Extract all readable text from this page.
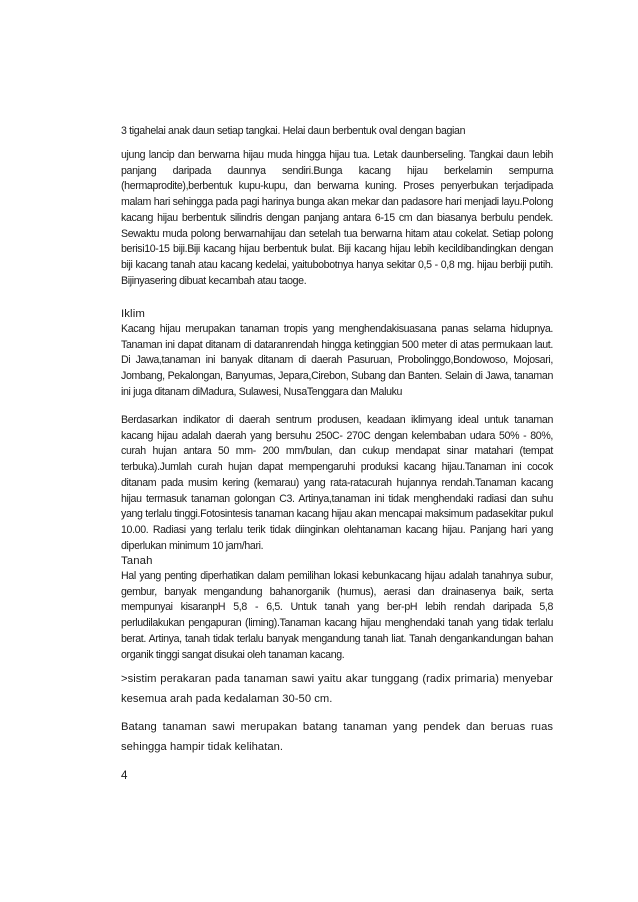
3 tigahelai anak daun setiap tangkai. Helai daun berbentuk oval dengan bagian

ujung lancip dan berwarna hijau muda hingga hijau tua. Letak daunberseling. Tangkai daun lebih panjang daripada daunnya sendiri.Bunga kacang hijau berkelamin sempurna (hermaprodite),berbentuk kupu-kupu, dan berwarna kuning. Proses penyerbukan terjadipada malam hari sehingga pada pagi harinya bunga akan mekar dan padasore hari menjadi layu.Polong kacang hijau berbentuk silindris dengan panjang antara 6-15 cm dan biasanya berbulu pendek. Sewaktu muda polong berwarnahijau dan setelah tua berwarna hitam atau cokelat. Setiap polong berisi10-15 biji.Biji kacang hijau berbentuk bulat. Biji kacang hijau lebih kecildibandingkan dengan biji kacang tanah atau kacang kedelai, yaitubobotnya hanya sekitar 0,5 - 0,8 mg. hijau berbiji putih. Bijinyasering dibuat kecambah atau taoge.

Iklim

Kacang hijau merupakan tanaman tropis yang menghendakisuasana panas selama hidupnya. Tanaman ini dapat ditanam di dataranrendah hingga ketinggian 500 meter di atas permukaan laut. Di Jawa,tanaman ini banyak ditanam di daerah Pasuruan, Probolinggo,Bondowoso, Mojosari, Jombang, Pekalongan, Banyumas, Jepara,Cirebon, Subang dan Banten. Selain di Jawa, tanaman ini juga ditanam diMadura, Sulawesi, NusaTenggara dan Maluku

Berdasarkan indikator di daerah sentrum produsen, keadaan iklimyang ideal untuk tanaman kacang hijau adalah daerah yang bersuhu 250C- 270C dengan kelembaban udara 50% - 80%, curah hujan antara 50 mm- 200 mm/bulan, dan cukup mendapat sinar matahari (tempat terbuka).Jumlah curah hujan dapat mempengaruhi produksi kacang hijau.Tanaman ini cocok ditanam pada musim kering (kemarau) yang rata-ratacurah hujannya rendah.Tanaman kacang hijau termasuk tanaman golongan C3. Artinya,tanaman ini tidak menghendaki radiasi dan suhu yang terlalu tinggi.Fotosintesis tanaman kacang hijau akan mencapai maksimum padasekitar pukul 10.00. Radiasi yang terlalu terik tidak diinginkan olehtanaman kacang hijau. Panjang hari yang diperlukan minimum 10 jam/hari.

Tanah

Hal yang penting diperhatikan dalam pemilihan lokasi kebunkacang hijau adalah tanahnya subur, gembur, banyak mengandung bahanorganik (humus), aerasi dan drainasenya baik, serta mempunyai kisaranpH 5,8 - 6,5. Untuk tanah yang ber-pH lebih rendah daripada 5,8 perludilakukan pengapuran (liming).Tanaman kacang hijau menghendaki tanah yang tidak terlalu berat. Artinya, tanah tidak terlalu banyak mengandung tanah liat. Tanah dengankandungan bahan organik tinggi sangat disukai oleh tanaman kacang.

>sistim perakaran pada tanaman sawi yaitu akar tunggang (radix primaria) menyebar kesemua arah pada kedalaman 30-50 cm.

Batang tanaman sawi merupakan batang tanaman yang pendek dan beruas ruas sehingga hampir tidak kelihatan.

4
